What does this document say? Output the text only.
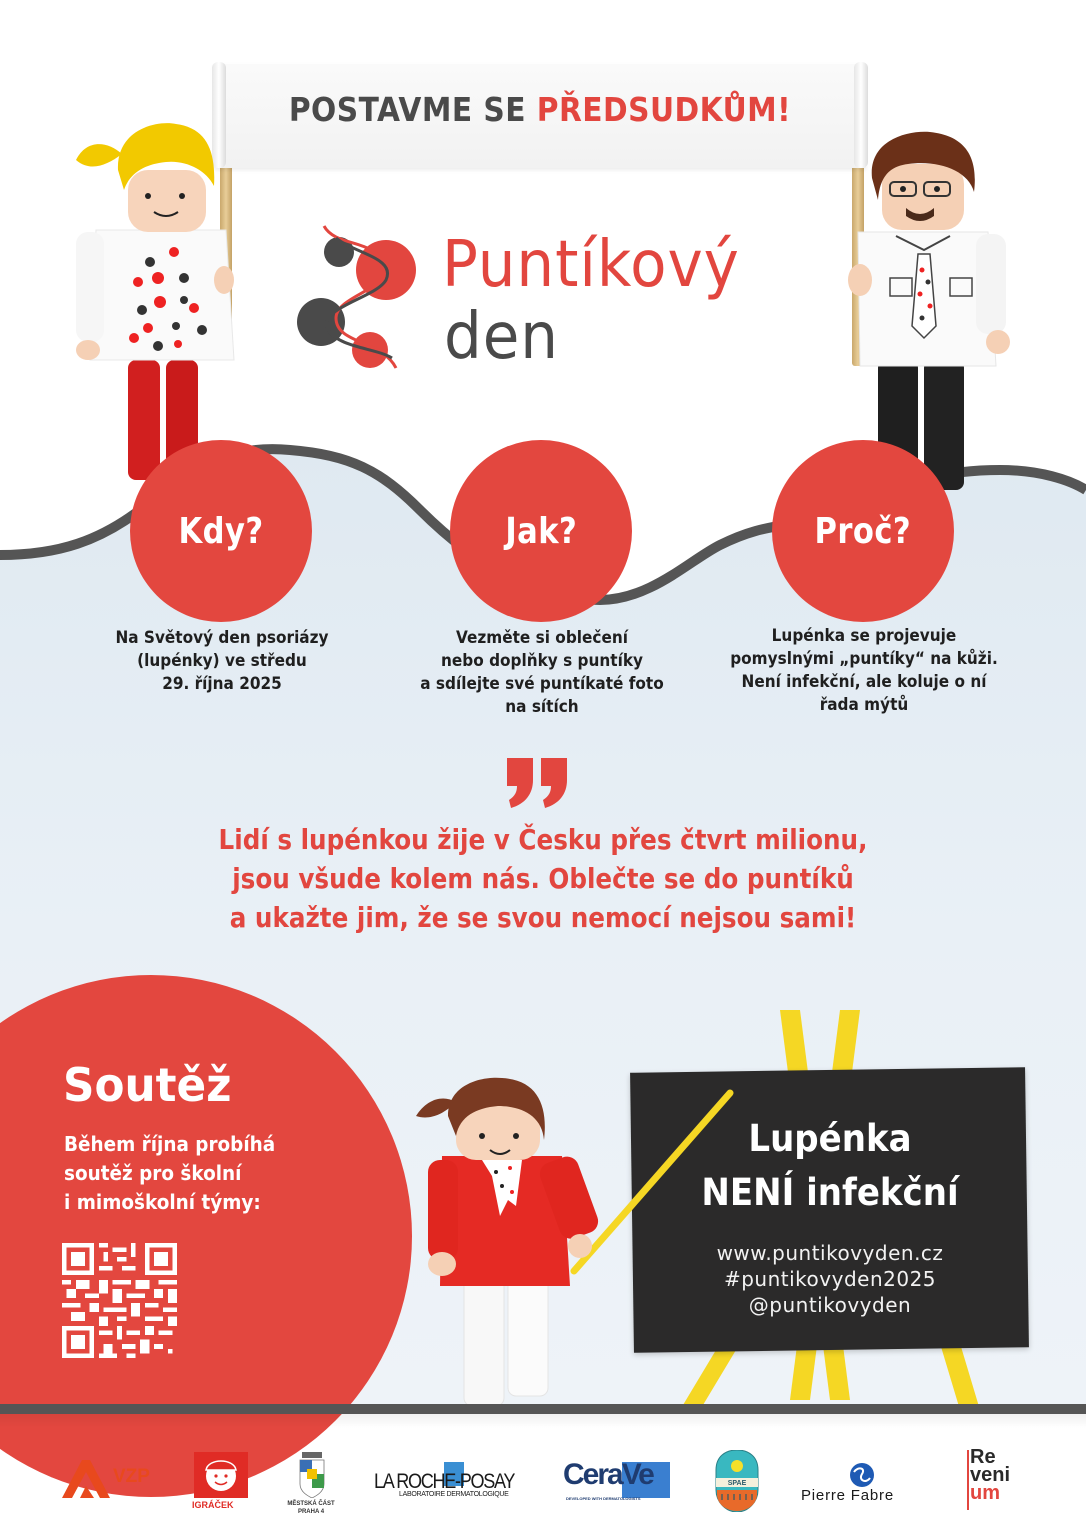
POSTAVME SE PŘEDSUDKŮM!
Puntíkový
den
Kdy?	Jak?	Proč?
Na Světový den psoriázy
(lupénky) ve středu
29. října 2025
Vezměte si oblečení
nebo doplňky s puntíky
a sdílejte své puntíkaté foto
na sítích
Lupénka se projevuje
pomyslnými „puntíky“ na kůži.
Není infekční, ale koluje o ní
řada mýtů
Lidí s lupénkou žije v Česku přes čtvrt milionu,
jsou všude kolem nás. Oblečte se do puntíků
a ukažte jim, že se svou nemocí nejsou sami!
Soutěž
Během října probíhá
soutěž pro školní
i mimoškolní týmy:
Lupénka
NENÍ infekční
www.puntikovyden.cz
#puntikovyden2025
@puntikovyden
VZP
IGRÁČEK	MĚSTSKÁ ČÁST
PRAHA 4
LA ROCHE-POSAY
LABORATOIRE DERMATOLOGIQUE
CeraVe
DEVELOPED WITH DERMATOLOGISTS
SPAE
Pierre Fabre
Re
veni
um
